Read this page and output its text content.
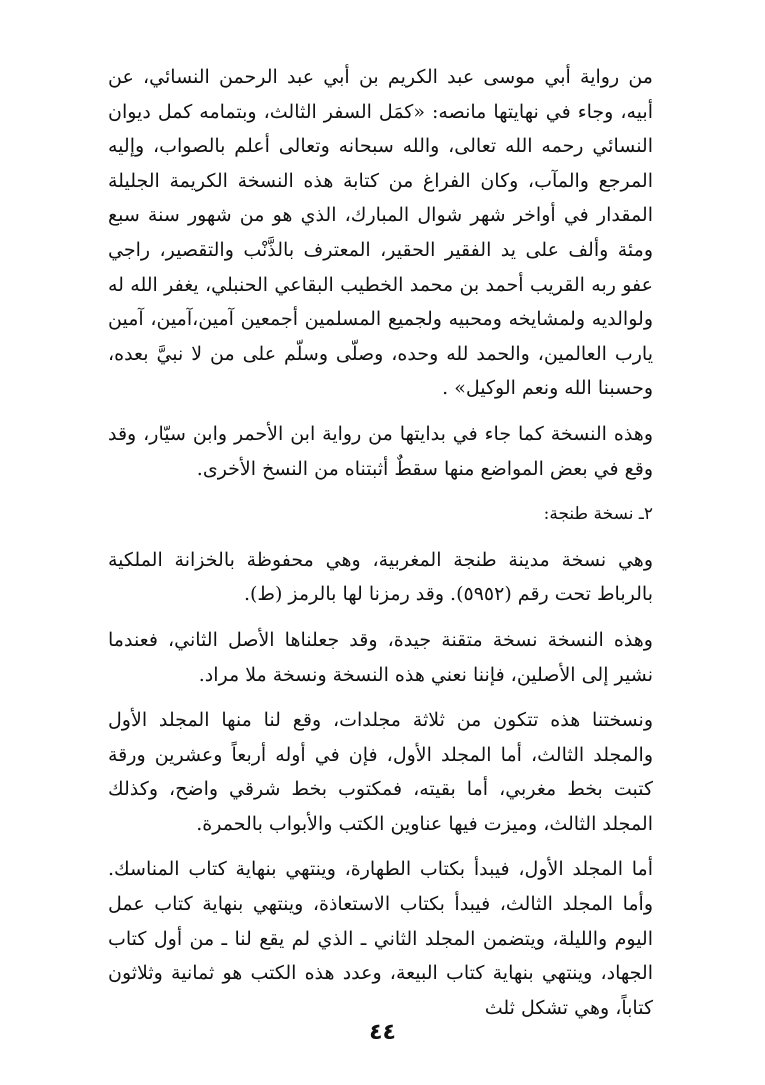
من رواية أبي موسى عبد الكريم بن أبي عبد الرحمن النسائي، عن أبيه، وجاء في نهايتها مانصه: «كمَل السفر الثالث، وبتمامه كمل ديوان النسائي رحمه الله تعالى، والله سبحانه وتعالى أعلم بالصواب، وإليه المرجع والمآب، وكان الفراغ من كتابة هذه النسخة الكريمة الجليلة المقدار في أواخر شهر شوال المبارك، الذي هو من شهور سنة سبع ومئة وألف على يد الفقير الحقير، المعترف بالذَّنْب والتقصير، راجي عفو ربه القريب أحمد بن محمد الخطيب البقاعي الحنبلي، يغفر الله له ولوالديه ولمشايخه ومحبيه ولجميع المسلمين أجمعين آمين،آمين، آمين يارب العالمين، والحمد لله وحده، وصلّى وسلّم على من لا نبيَّ بعده، وحسبنا الله ونعم الوكيل» .

وهذه النسخة كما جاء في بدايتها من رواية ابن الأحمر وابن سيّار، وقد وقع في بعض المواضع منها سقطٌ أثبتناه من النسخ الأخرى.

٢ـ نسخة طنجة:

وهي نسخة مدينة طنجة المغربية، وهي محفوظة بالخزانة الملكية بالرباط تحت رقم (٥٩٥٢). وقد رمزنا لها بالرمز (ط).

وهذه النسخة نسخة متقنة جيدة، وقد جعلناها الأصل الثاني، فعندما نشير إلى الأصلين، فإننا نعني هذه النسخة ونسخة ملا مراد.

ونسختنا هذه تتكون من ثلاثة مجلدات، وقع لنا منها المجلد الأول والمجلد الثالث، أما المجلد الأول، فإن في أوله أربعاً وعشرين ورقة كتبت بخط مغربي، أما بقيته، فمكتوب بخط شرقي واضح، وكذلك المجلد الثالث، وميزت فيها عناوين الكتب والأبواب بالحمرة.

أما المجلد الأول، فيبدأ بكتاب الطهارة، وينتهي بنهاية كتاب المناسك. وأما المجلد الثالث، فيبدأ بكتاب الاستعاذة، وينتهي بنهاية كتاب عمل اليوم والليلة، ويتضمن المجلد الثاني ـ الذي لم يقع لنا ـ من أول كتاب الجهاد، وينتهي بنهاية كتاب البيعة، وعدد هذه الكتب هو ثمانية وثلاثون كتاباً، وهي تشكل ثلث

٤٤
